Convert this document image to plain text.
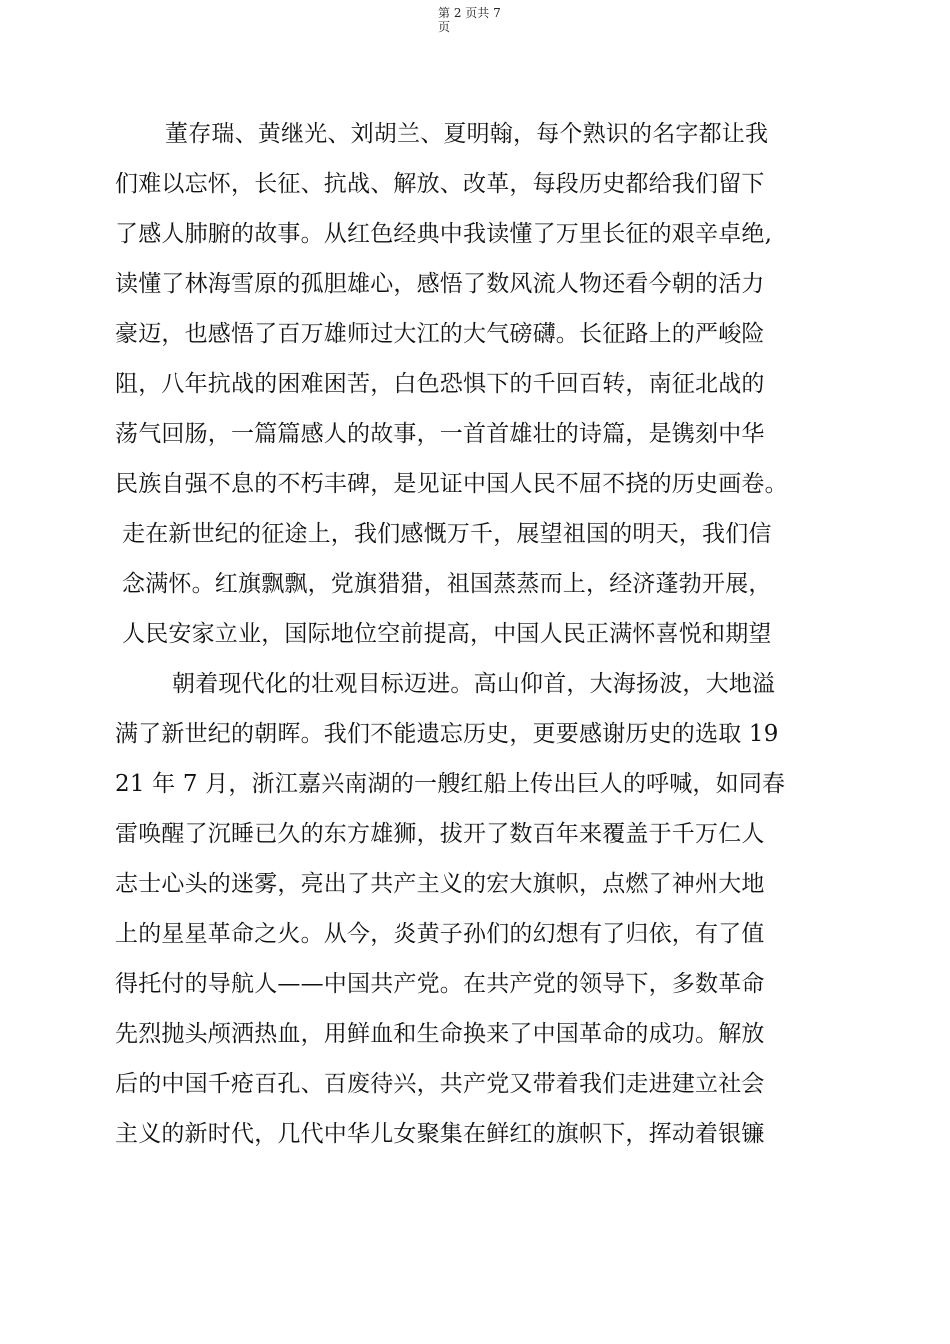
第 2 页共 7
页
董存瑞、黄继光、刘胡兰、夏明翰，每个熟识的名字都让我
们难以忘怀，长征、抗战、解放、改革，每段历史都给我们留下
了感人肺腑的故事。从红色经典中我读懂了万里长征的艰辛卓绝,
读懂了林海雪原的孤胆雄心，感悟了数风流人物还看今朝的活力
豪迈，也感悟了百万雄师过大江的大气磅礴。长征路上的严峻险
阻，八年抗战的困难困苦，白色恐惧下的千回百转，南征北战的
荡气回肠，一篇篇感人的故事，一首首雄壮的诗篇，是镌刻中华
民族自强不息的不朽丰碑，是见证中国人民不屈不挠的历史画卷。
走在新世纪的征途上，我们感慨万千，展望祖国的明天，我们信
念满怀。红旗飘飘，党旗猎猎，祖国蒸蒸而上，经济蓬勃开展，
人民安家立业，国际地位空前提高，中国人民正满怀喜悦和期望
朝着现代化的壮观目标迈进。高山仰首，大海扬波，大地溢
满了新世纪的朝晖。我们不能遗忘历史，更要感谢历史的选取 19
21 年 7 月，浙江嘉兴南湖的一艘红船上传出巨人的呼喊，如同春
雷唤醒了沉睡已久的东方雄狮，拔开了数百年来覆盖于千万仁人
志士心头的迷雾，亮出了共产主义的宏大旗帜，点燃了神州大地
上的星星革命之火。从今，炎黄子孙们的幻想有了归依，有了值
得托付的导航人——中国共产党。在共产党的领导下，多数革命
先烈抛头颅洒热血，用鲜血和生命换来了中国革命的成功。解放
后的中国千疮百孔、百废待兴，共产党又带着我们走进建立社会
主义的新时代，几代中华儿女聚集在鲜红的旗帜下，挥动着银镰
